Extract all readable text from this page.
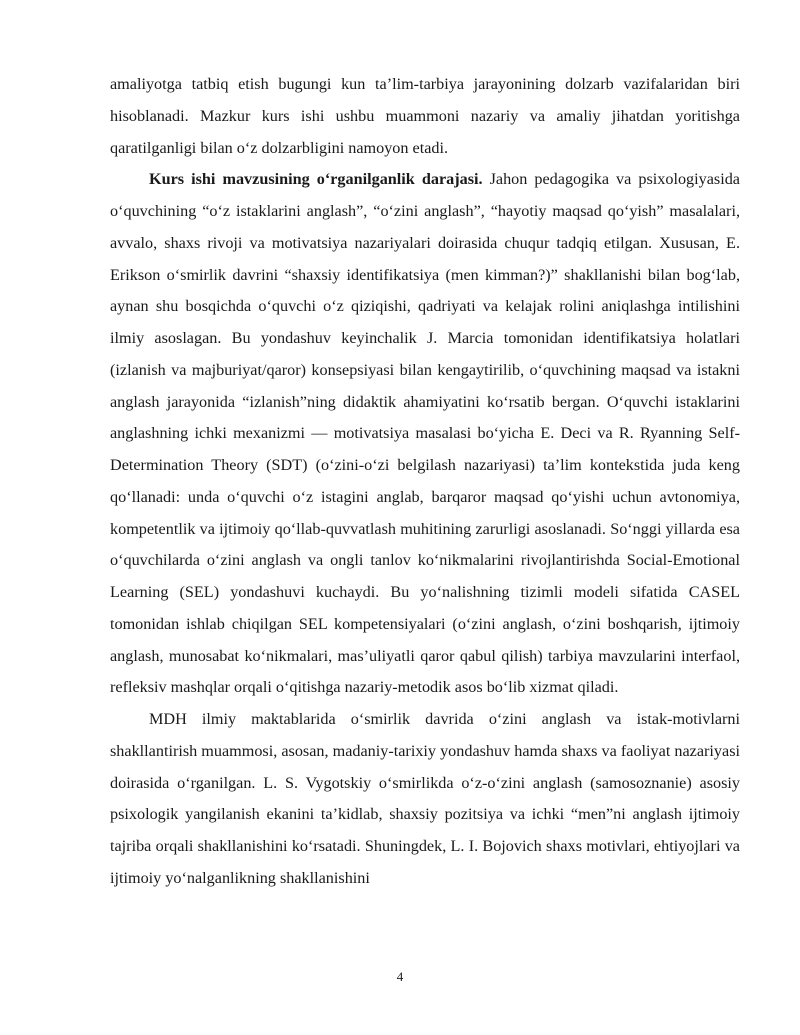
amaliyotga tatbiq etish bugungi kun ta’lim-tarbiya jarayonining dolzarb vazifalaridan biri hisoblanadi. Mazkur kurs ishi ushbu muammoni nazariy va amaliy jihatdan yoritishga qaratilganligi bilan o‘z dolzarbligini namoyon etadi.

Kurs ishi mavzusining o‘rganilganlik darajasi. Jahon pedagogika va psixologiyasida o‘quvchining “o‘z istaklarini anglash”, “o‘zini anglash”, “hayotiy maqsad qo‘yish” masalalari, avvalo, shaxs rivoji va motivatsiya nazariyalari doirasida chuqur tadqiq etilgan. Xususan, E. Erikson o‘smirlik davrini “shaxsiy identifikatsiya (men kimman?)” shakllanishi bilan bog‘lab, aynan shu bosqichda o‘quvchi o‘z qiziqishi, qadriyati va kelajak rolini aniqlashga intilishini ilmiy asoslagan. Bu yondashuv keyinchalik J. Marcia tomonidan identifikatsiya holatlari (izlanish va majburiyat/qaror) konsepsiyasi bilan kengaytirilib, o‘quvchining maqsad va istakni anglash jarayonida “izlanish”ning didaktik ahamiyatini ko‘rsatib bergan. O‘quvchi istaklarini anglashning ichki mexanizmi — motivatsiya masalasi bo‘yicha E. Deci va R. Ryanning Self-Determination Theory (SDT) (o‘zini-o‘zi belgilash nazariyasi) ta’lim kontekstida juda keng qo‘llanadi: unda o‘quvchi o‘z istagini anglab, barqaror maqsad qo‘yishi uchun avtonomiya, kompetentlik va ijtimoiy qo‘llab-quvvatlash muhitining zarurligi asoslanadi. So‘nggi yillarda esa o‘quvchilarda o‘zini anglash va ongli tanlov ko‘nikmalarini rivojlantirishda Social-Emotional Learning (SEL) yondashuvi kuchaydi. Bu yo‘nalishning tizimli modeli sifatida CASEL tomonidan ishlab chiqilgan SEL kompetensiyalari (o‘zini anglash, o‘zini boshqarish, ijtimoiy anglash, munosabat ko‘nikmalari, mas’uliyatli qaror qabul qilish) tarbiya mavzularini interfaol, refleksiv mashqlar orqali o‘qitishga nazariy-metodik asos bo‘lib xizmat qiladi.

MDH ilmiy maktablarida o‘smirlik davrida o‘zini anglash va istak-motivlarni shakllantirish muammosi, asosan, madaniy-tarixiy yondashuv hamda shaxs va faoliyat nazariyasi doirasida o‘rganilgan. L. S. Vygotskiy o‘smirlikda o‘z-o‘zini anglash (samosoznanie) asosiy psixologik yangilanish ekanini ta’kidlab, shaxsiy pozitsiya va ichki “men”ni anglash ijtimoiy tajriba orqali shakllanishini ko‘rsatadi. Shuningdek, L. I. Bojovich shaxs motivlari, ehtiyojlari va ijtimoiy yo‘nalganlikning shakllanishini

4
